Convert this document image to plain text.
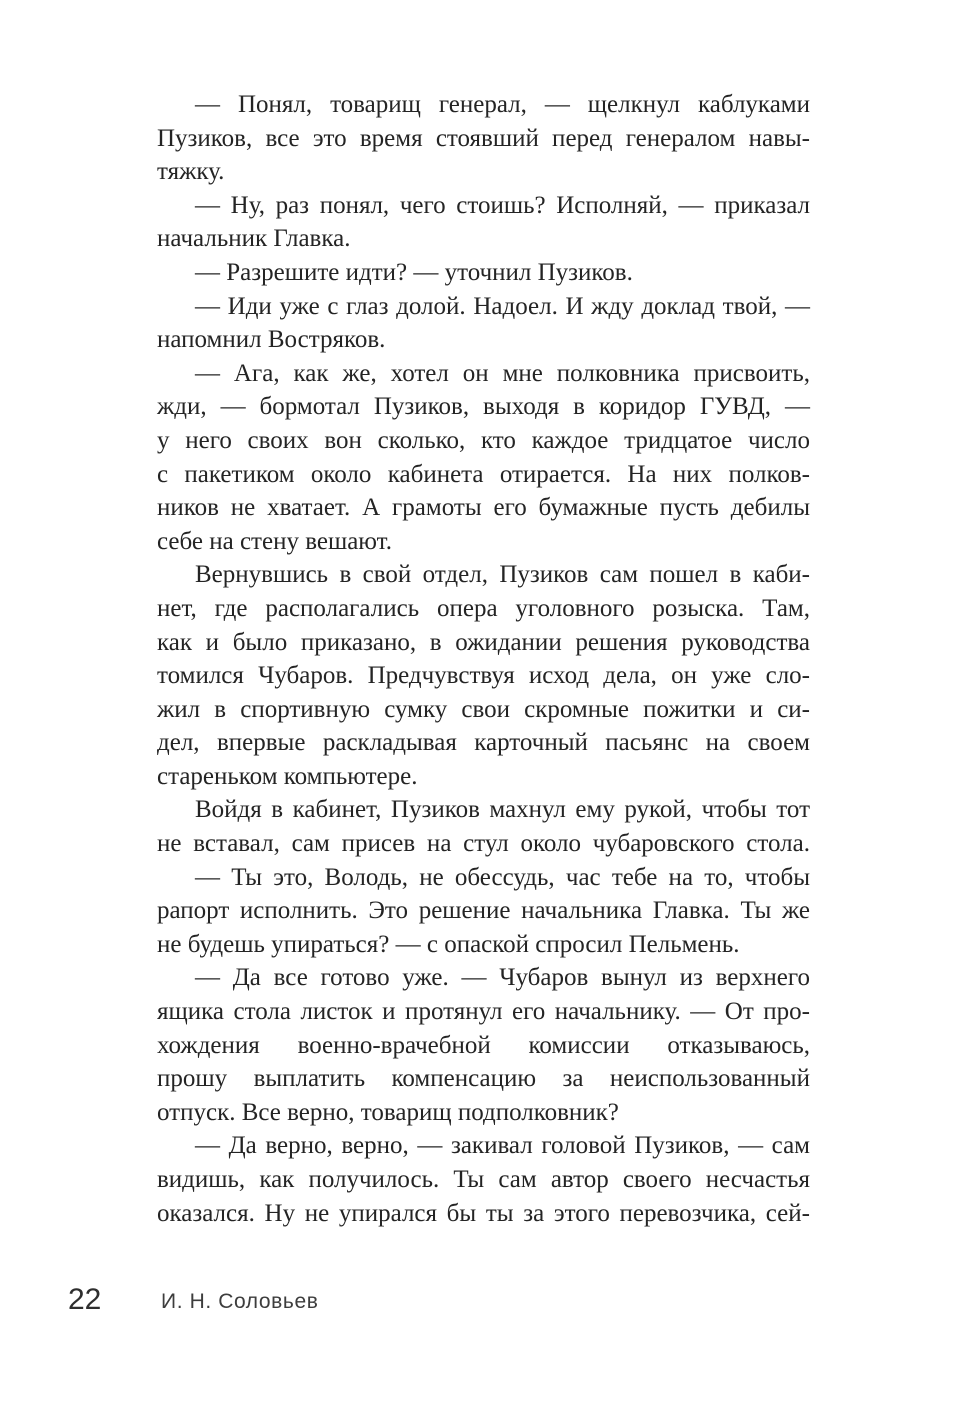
— Понял, товарищ генерал, — щелкнул каблуками
Пузиков, все это время стоявший перед генералом навы-
тяжку.
— Ну, раз понял, чего стоишь? Исполняй, — приказал
начальник Главка.
— Разрешите идти? — уточнил Пузиков.
— Иди уже с глаз долой. Надоел. И жду доклад твой, —
напомнил Востряков.
— Ага, как же, хотел он мне полковника присвоить,
жди, — бормотал Пузиков, выходя в коридор ГУВД, —
у него своих вон сколько, кто каждое тридцатое число
с пакетиком около кабинета отирается. На них полков-
ников не хватает. А грамоты его бумажные пусть дебилы
себе на стену вешают.
Вернувшись в свой отдел, Пузиков сам пошел в каби-
нет, где располагались опера уголовного розыска. Там,
как и было приказано, в ожидании решения руководства
томился Чубаров. Предчувствуя исход дела, он уже сло-
жил в спортивную сумку свои скромные пожитки и си-
дел, впервые раскладывая карточный пасьянс на своем
стареньком компьютере.
Войдя в кабинет, Пузиков махнул ему рукой, чтобы тот
не вставал, сам присев на стул около чубаровского стола.
— Ты это, Володь, не обессудь, час тебе на то, чтобы
рапорт исполнить. Это решение начальника Главка. Ты же
не будешь упираться? — с опаской спросил Пельмень.
— Да все готово уже. — Чубаров вынул из верхнего
ящика стола листок и протянул его начальнику. — От про-
хождения военно-врачебной комиссии отказываюсь,
прошу выплатить компенсацию за неиспользованный
отпуск. Все верно, товарищ подполковник?
— Да верно, верно, — закивал головой Пузиков, — сам
видишь, как получилось. Ты сам автор своего несчастья
оказался. Ну не упирался бы ты за этого перевозчика, сей-
22	И. Н. Соловьев
